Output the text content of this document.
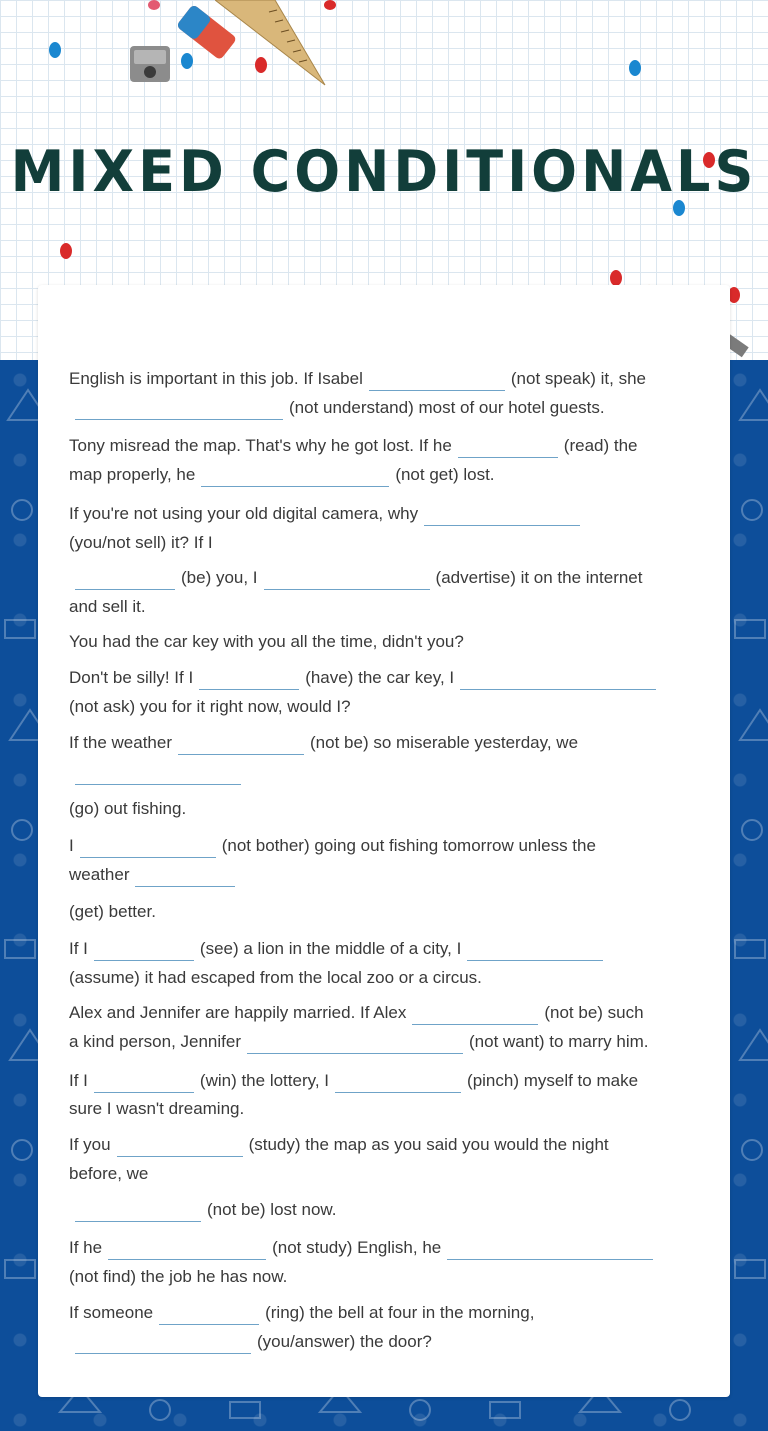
MIXED CONDITIONALS
English is important in this job. If Isabel	(not speak) it, she
(not understand) most of our hotel guests.
Tony misread the map. That's why he got lost. If he	(read) the
map properly, he	(not get) lost.
If you're not using your old digital camera, why
(you/not sell) it? If I
(be) you, I	(advertise) it on the internet
and sell it.
You had the car key with you all the time, didn't you?
Don't be silly! If I	(have) the car key, I
(not ask) you for it right now, would I?
If the weather	(not be) so miserable yesterday, we
(go) out fishing.
I	(not bother) going out fishing tomorrow unless the
weather
(get) better.
If I	(see) a lion in the middle of a city, I
(assume) it had escaped from the local zoo or a circus.
Alex and Jennifer are happily married. If Alex	(not be) such
a kind person, Jennifer	(not want) to marry him.
If I	(win) the lottery, I	(pinch) myself to make
sure I wasn't dreaming.
If you	(study) the map as you said you would the night
before, we
(not be) lost now.
If he	(not study) English, he
(not find) the job he has now.
If someone	(ring) the bell at four in the morning,
(you/answer) the door?
